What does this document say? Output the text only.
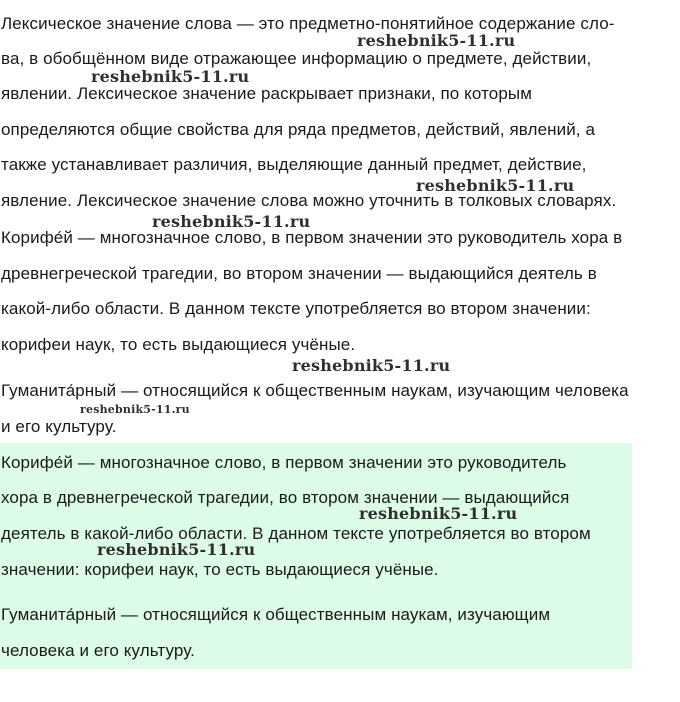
Лексическое значение слова — это предметно-понятийное содержание сло-
ва, в обобщённом виде отражающее информацию о предмете, действии,
явлении. Лексическое значение раскрывает признаки, по которым
определяются общие свойства для ряда предметов, действий, явлений, а
также устанавливает различия, выделяющие данный предмет, действие,
явление. Лексическое значение слова можно уточнить в толковых словарях.
Корифе́й — многозначное слово, в первом значении это руководитель хора в
древнегреческой трагедии, во втором значении — выдающийся деятель в
какой-либо области. В данном тексте употребляется во втором значении:
корифеи наук, то есть выдающиеся учёные.
Гуманита́рный — относящийся к общественным наукам, изучающим человека
и его культуру.
Корифе́й — многозначное слово, в первом значении это руководитель
хора в древнегреческой трагедии, во втором значении — выдающийся
деятель в какой-либо области. В данном тексте употребляется во втором
значении: корифеи наук, то есть выдающиеся учёные.
Гуманита́рный — относящийся к общественным наукам, изучающим
человека и его культуру.
reshebnik5-11.ru
reshebnik5-11.ru
reshebnik5-11.ru
reshebnik5-11.ru
reshebnik5-11.ru
reshebnik5-11.ru
reshebnik5-11.ru
reshebnik5-11.ru
